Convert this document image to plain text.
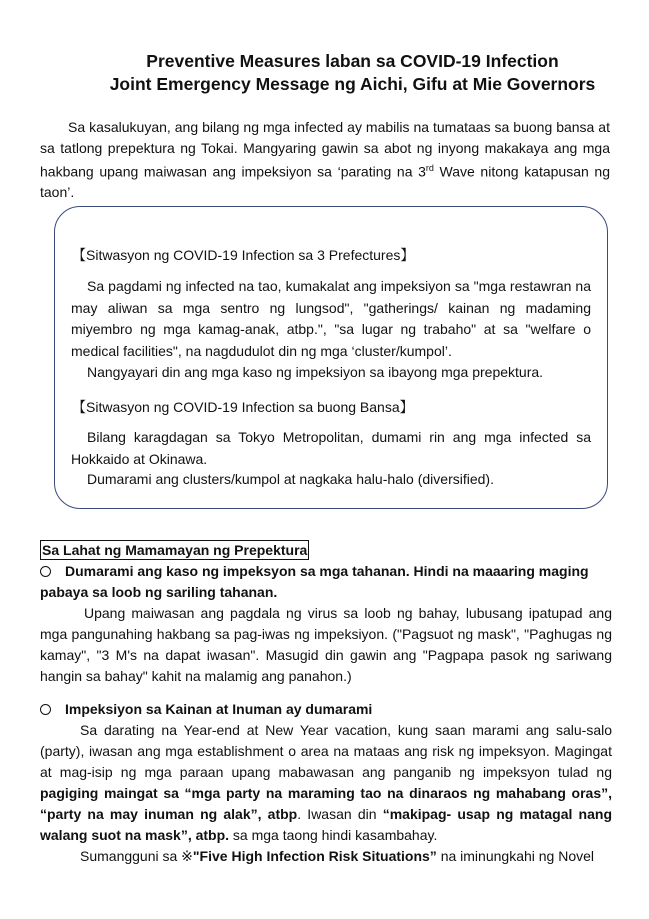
Preventive Measures laban sa COVID-19 Infection
Joint Emergency Message ng Aichi, Gifu at Mie Governors
Sa kasalukuyan, ang bilang ng mga infected ay mabilis na tumataas sa buong bansa at sa tatlong prepektura ng Tokai. Mangyaring gawin sa abot ng inyong makakaya ang mga hakbang upang maiwasan ang impeksiyon sa ‘parating na 3rd Wave nitong katapusan ng taon’.
【Sitwasyon ng COVID-19 Infection sa 3 Prefectures】
Sa pagdami ng infected na tao, kumakalat ang impeksiyon sa "mga restawran na may aliwan sa mga sentro ng lungsod", "gatherings/ kainan ng madaming miyembro ng mga kamag-anak, atbp.", "sa lugar ng trabaho" at sa "welfare o medical facilities", na nagdudulot din ng mga ‘cluster/kumpol’.
Nangyayari din ang mga kaso ng impeksiyon sa ibayong mga prepektura.
【Sitwasyon ng COVID-19 Infection sa buong Bansa】
Bilang karagdagan sa Tokyo Metropolitan, dumami rin ang mga infected sa Hokkaido at Okinawa.
Dumarami ang clusters/kumpol at nagkaka halu-halo (diversified).
Sa Lahat ng Mamamayan ng Prepektura
Dumarami ang kaso ng impeksyon sa mga tahanan. Hindi na maaaring maging pabaya sa loob ng sariling tahanan.
Upang maiwasan ang pagdala ng virus sa loob ng bahay, lubusang ipatupad ang mga pangunahing hakbang sa pag-iwas ng impeksiyon. ("Pagsuot ng mask", "Paghugas ng kamay", "3 M's na dapat iwasan". Masugid din gawin ang "Pagpapa pasok ng sariwang hangin sa bahay" kahit na malamig ang panahon.)
Impeksiyon sa Kainan at Inuman ay dumarami
Sa darating na Year-end at New Year vacation, kung saan marami ang salu-salo (party), iwasan ang mga establishment o area na mataas ang risk ng impeksyon. Magingat at mag-isip ng mga paraan upang mabawasan ang panganib ng impeksyon tulad ng pagiging maingat sa “mga party na maraming tao na dinaraos ng mahabang oras”, “party na may inuman ng alak”, atbp. Iwasan din “makipag- usap ng matagal nang walang suot na mask”, atbp. sa mga taong hindi kasambahay.
Sumangguni sa ※"Five High Infection Risk Situations” na iminungkahi ng Novel
